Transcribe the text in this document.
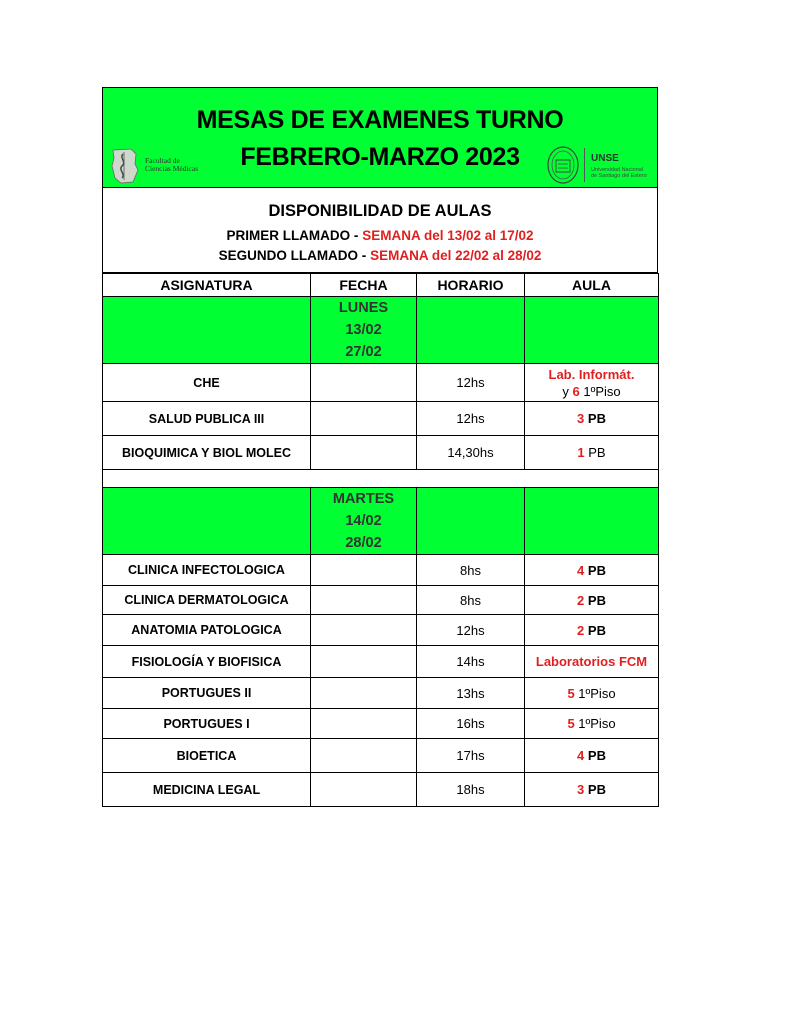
Facultad de
Ciencias Médicas
MESAS DE EXAMENES TURNO
FEBRERO-MARZO 2023	UNSE
Universidad Nacional
de Santiago del Estero
DISPONIBILIDAD DE AULAS
PRIMER LLAMADO - SEMANA del 13/02 al 17/02
SEGUNDO LLAMADO - SEMANA del 22/02 al 28/02
ASIGNATURA	FECHA	HORARIO	AULA

	LUNES
13/02
27/02		

CHE		12hs	Lab. Informát.
y 6 1ºPiso

SALUD PUBLICA III		12hs	3 PB
BIOQUIMICA Y BIOL MOLEC		14,30hs	1 PB

	MARTES
14/02
28/02		

CLINICA INFECTOLOGICA		8hs	4 PB
CLINICA DERMATOLOGICA		8hs	2 PB
ANATOMIA PATOLOGICA		12hs	2 PB
FISIOLOGÍA Y BIOFISICA		14hs	Laboratorios FCM
PORTUGUES II		13hs	5 1ºPiso
PORTUGUES I		16hs	5 1ºPiso
BIOETICA		17hs	4 PB
MEDICINA LEGAL		18hs	3 PB
